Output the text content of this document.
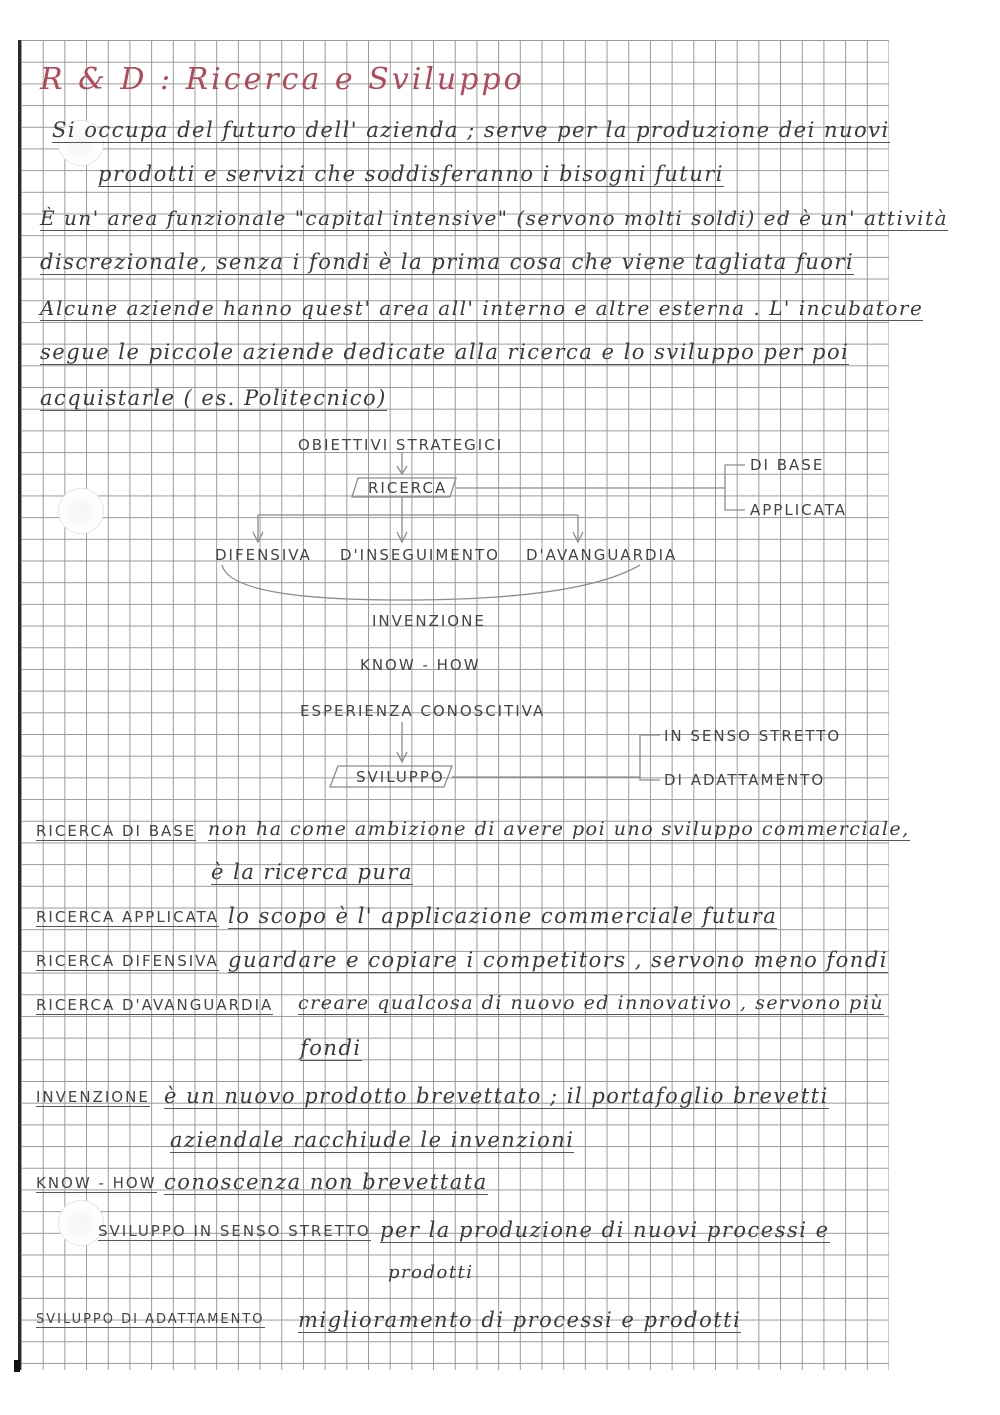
R & D : Ricerca e Sviluppo
Si occupa del futuro dell' azienda ; serve per la produzione dei nuovi
prodotti e servizi che soddisferanno i bisogni futuri
È un' area funzionale "capital intensive" (servono molti soldi) ed è un' attività
discrezionale, senza i fondi è la prima cosa che viene tagliata fuori
Alcune aziende hanno quest' area all' interno e altre esterna . L' incubatore
segue le piccole aziende dedicate alla ricerca e lo sviluppo per poi
acquistarle ( es. Politecnico)
OBIETTIVI STRATEGICI
RICERCA
DI BASE
APPLICATA
DIFENSIVA D'INSEGUIMENTO D'AVANGUARDIA
INVENZIONE
KNOW - HOW
ESPERIENZA CONOSCITIVA
SVILUPPO
IN SENSO STRETTO
DI ADATTAMENTO
RICERCA DI BASE non ha come ambizione di avere poi uno sviluppo commerciale,
è la ricerca pura
RICERCA APPLICATA lo scopo è l' applicazione commerciale futura
RICERCA DIFENSIVA guardare e copiare i competitors , servono meno fondi
RICERCA D'AVANGUARDIA creare qualcosa di nuovo ed innovativo , servono più
fondi
INVENZIONE è un nuovo prodotto brevettato ; il portafoglio brevetti
aziendale racchiude le invenzioni
KNOW - HOW conoscenza non brevettata
SVILUPPO IN SENSO STRETTO per la produzione di nuovi processi e
prodotti
SVILUPPO DI ADATTAMENTO miglioramento di processi e prodotti
